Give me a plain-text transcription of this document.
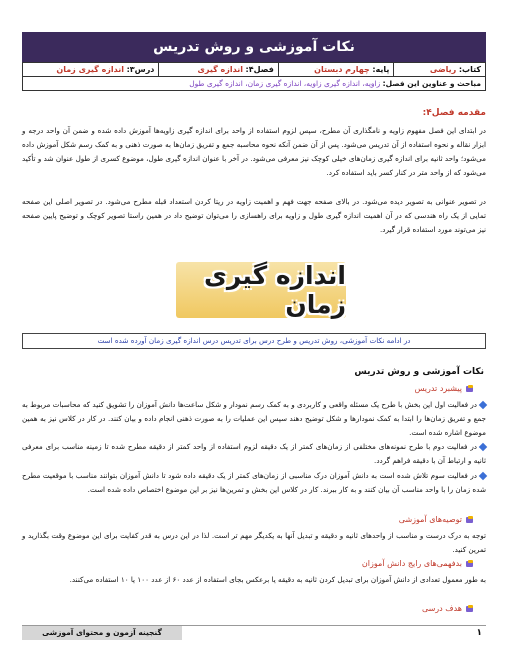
نکات آموزشی و روش تدریس
کتاب: ریاضی
پایه: چهارم دبستان
فصل۴: اندازه گیری
درس۳: اندازه گیری زمان
مباحث و عناوین این فصل: زاویه، اندازه گیری زاویه، اندازه گیری زمان، اندازه گیری طول
مقدمه فصل۴:
در ابتدای این فصل مفهوم زاویه و نامگذاری آن مطرح، سپس لزوم استفاده از واحد برای اندازه گیری زاویه‌ها آموزش داده شده و ضمن آن واحد درجه و ابزار نقاله و نحوه استفاده از آن تدریس می‌شود. پس از آن ضمن آنکه نحوه محاسبه جمع و تفریق زمان‌ها به صورت ذهنی و به کمک رسم شکل آموزش داده می‌شود؛ واحد ثانیه برای اندازه گیری زمان‌های خیلی کوچک نیز معرفی می‌شود. در آخر با عنوان اندازه گیری طول، موضوع کسری از طول عنوان شد و تأکید می‌شود که از واحد متر در کنار کسر باید استفاده کرد.
در تصویر عنوانی به تصویر دیده می‌شود. در بالای صفحه جهت فهم و اهمیت زاویه در ریتا کردن استعداد قبله مطرح می‌شود. در تصویر اصلی این صفحه تمایی از یک راه هندسی که در آن اهمیت اندازه گیری طول و زاویه برای راهسازی را می‌توان توضیح داد در همین راستا تصویر کوچک و توضیح پایین صفحه نیز می‌توند مورد استفاده قرار گیرد.
اندازه گیری زمان
در ادامه نکات آموزشی، روش تدریس و طرح درس برای تدریس درس اندازه گیری زمان آورده شده است
نکات آموزشی و روش تدریس
پیشبرد تدریس
در فعالیت اول این بخش با طرح یک مسئله واقعی و کاربردی و به کمک رسم نمودار و شکل ساعت‌ها دانش آموزان را تشویق کنید که محاسبات مربوط به جمع و تفریق زمان‌ها را ابتدا به کمک نمودارها و شکل توضیح دهند سپس این عملیات را به صورت ذهنی انجام داده و بیان کنند. در کار در کلاس نیز به همین موضوع اشاره شده است.
در فعالیت دوم با طرح نمونه‌های مختلفی از زمان‌های کمتر از یک دقیقه لزوم استفاده از واحد کمتر از دقیقه مطرح شده تا زمینه مناسب برای معرفی ثانیه و ارتباط آن با دقیقه فراهم گردد.
در فعالیت سوم تلاش شده است به دانش آموزان درک مناسبی از زمان‌های کمتر از یک دقیقه داده شود تا دانش آموزان بتوانند مناسب با موقعیت مطرح شده زمان را با واحد مناسب آن بیان کنند و به کار ببرند. کار در کلاس این بخش و تمرین‌ها نیز بر این موضوع اختصاص داده شده است.
توصیه‌های آموزشی
توجه به درک درست و مناسب از واحدهای ثانیه و دقیقه و تبدیل آنها به یکدیگر مهم تر است. لذا در این درس به قدر کفایت برای این موضوع وقت بگذارید و تمرین کنید.
بدفهمی‌های رایج دانش آموزان
به طور معمول تعدادی از دانش آموزان برای تبدیل کردن ثانیه به دقیقه یا برعکس بجای استفاده از عدد ۶۰ از عدد ۱۰۰ یا ۱۰ استفاده می‌کنند.
هدف درسی
گنجینه آزمون و محتوای آموزشی	۱
